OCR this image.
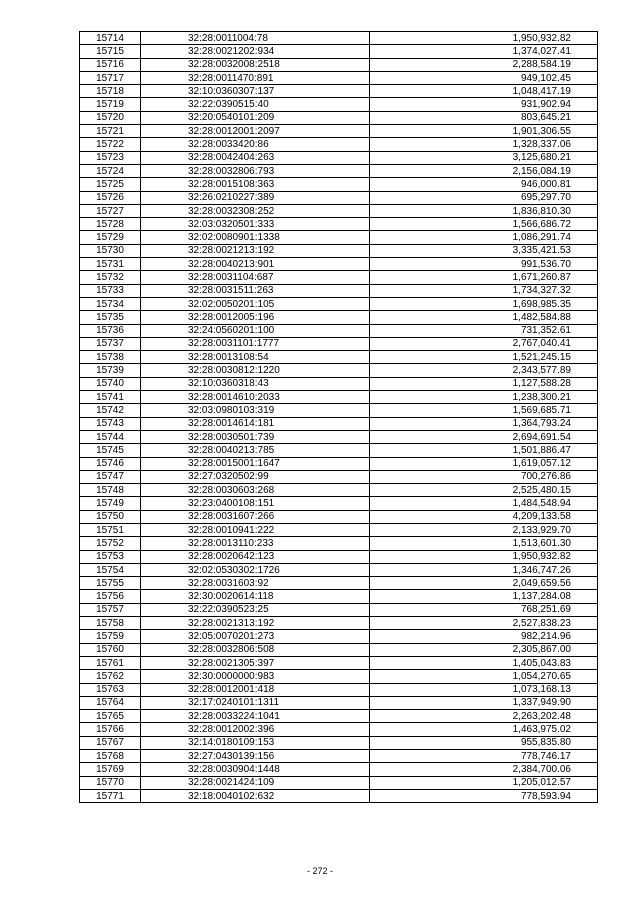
15714	32:28:0011004:78	1,950,932.82
15715	32:28:0021202:934	1,374,027.41
15716	32:28:0032008:2518	2,288,584.19
15717	32:28:0011470:891	949,102.45
15718	32:10:0360307:137	1,048,417.19
15719	32:22:0390515:40	931,902.94
15720	32:20:0540101:209	803,645.21
15721	32:28:0012001:2097	1,901,306.55
15722	32:28:0033420:86	1,328,337.06
15723	32:28:0042404:263	3,125,680.21
15724	32:28:0032806:793	2,156,084.19
15725	32:28:0015108:363	946,000.81
15726	32:26:0210227:389	695,297.70
15727	32:28:0032308:252	1,836,810.30
15728	32:03:0320501:333	1,566,686.72
15729	32:02:0080901:1338	1,086,291.74
15730	32:28:0021213:192	3,335,421.53
15731	32:28:0040213:901	991,536.70
15732	32:28:0031104:687	1,671,260.87
15733	32:28:0031511:263	1,734,327.32
15734	32:02:0050201:105	1,698,985.35
15735	32:28:0012005:196	1,482,584.88
15736	32:24:0560201:100	731,352.61
15737	32:28:0031101:1777	2,767,040.41
15738	32:28:0013108:54	1,521,245.15
15739	32:28:0030812:1220	2,343,577.89
15740	32:10:0360318:43	1,127,588.28
15741	32:28:0014610:2033	1,238,300.21
15742	32:03:0980103:319	1,569,685.71
15743	32:28:0014614:181	1,364,793.24
15744	32:28:0030501:739	2,694,691.54
15745	32:28:0040213:785	1,501,886.47
15746	32:28:0015001:1647	1,619,057.12
15747	32:27:0320502:99	700,276.86
15748	32:28:0030603:268	2,525,480.15
15749	32:23:0400108:151	1,484,548.94
15750	32:28:0031607:266	4,209,133.58
15751	32:28:0010941:222	2,133,929.70
15752	32:28:0013110:233	1,513,601.30
15753	32:28:0020642:123	1,950,932.82
15754	32:02:0530302:1726	1,346,747.26
15755	32:28:0031603:92	2,049,659.56
15756	32:30:0020614:118	1,137,284.08
15757	32:22:0390523:25	768,251.69
15758	32:28:0021313:192	2,527,838.23
15759	32:05:0070201:273	982,214.96
15760	32:28:0032806:508	2,305,867.00
15761	32:28:0021305:397	1,405,043.83
15762	32:30:0000000:983	1,054,270.65
15763	32:28:0012001:418	1,073,168.13
15764	32:17:0240101:1311	1,337,949.90
15765	32:28:0033224:1041	2,263,202.48
15766	32:28:0012002:396	1,463,975.02
15767	32:14:0180109:153	955,835.80
15768	32:27:0430139:156	778,746.17
15769	32:28:0030904:1448	2,384,700.06
15770	32:28:0021424:109	1,205,012.57
15771	32:18:0040102:632	778,593.94
- 272 -
